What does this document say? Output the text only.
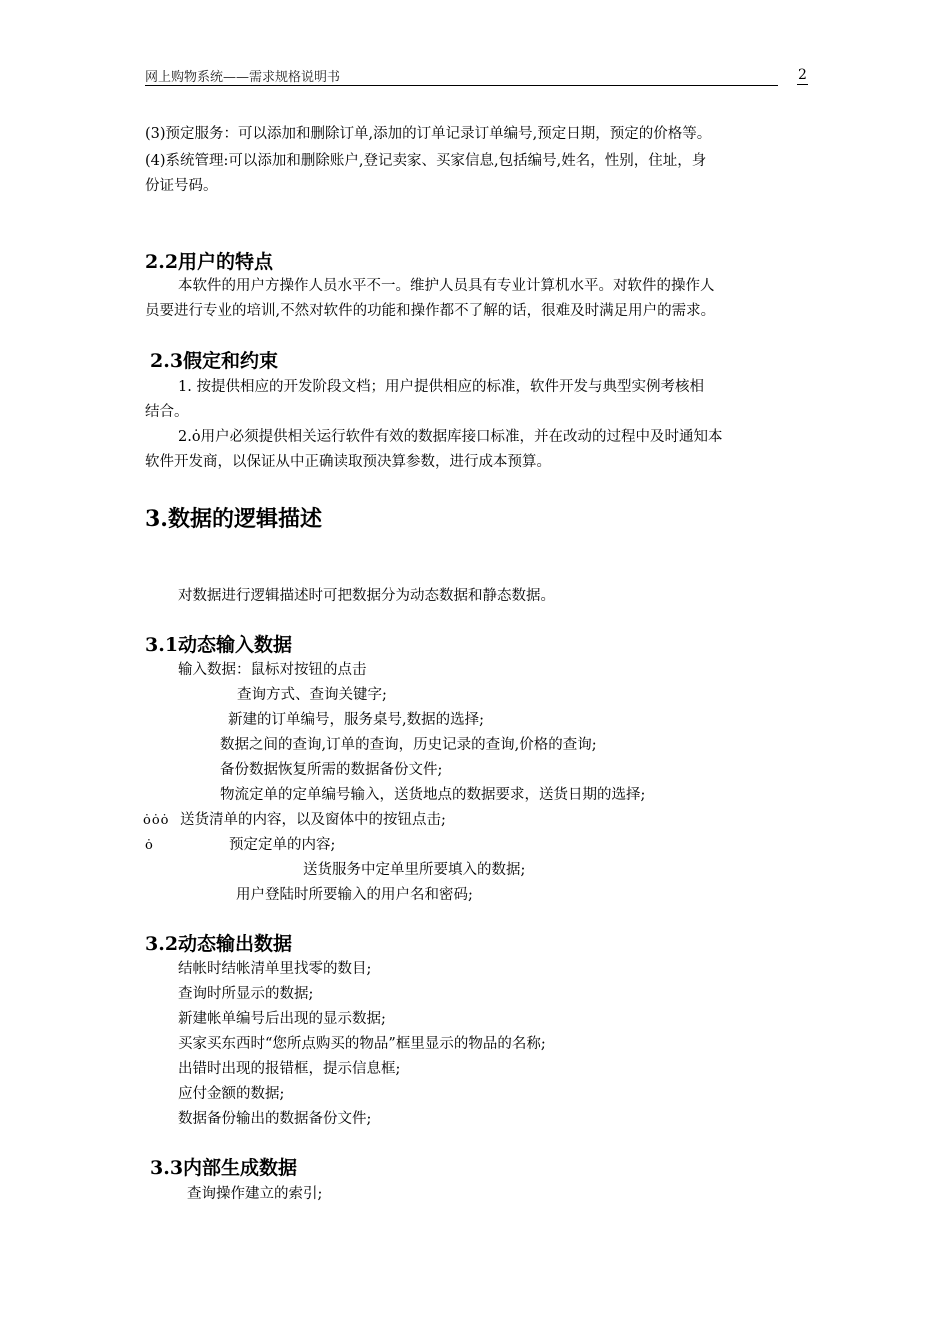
网上购物系统——需求规格说明书	2
(3)预定服务：可以添加和删除订单,添加的订单记录订单编号,预定日期，预定的价格等。
(4)系统管理:可以添加和删除账户,登记卖家、买家信息,包括编号,姓名，性别，住址，身
份证号码。
2.2用户的特点
本软件的用户方操作人员水平不一。维护人员具有专业计算机水平。对软件的操作人
员要进行专业的培训,不然对软件的功能和操作都不了解的话，很难及时满足用户的需求。
2.3假定和约束
1. 按提供相应的开发阶段文档；用户提供相应的标准，软件开发与典型实例考核相
结合。
2.ȯ用户必须提供相关运行软件有效的数据库接口标准，并在改动的过程中及时通知本
软件开发商，以保证从中正确读取预决算参数，进行成本预算。
3.数据的逻辑描述
对数据进行逻辑描述时可把数据分为动态数据和静态数据。
3.1动态输入数据
输入数据：鼠标对按钮的点击
查询方式、查询关键字;
新建的订单编号，服务桌号,数据的选择;
数据之间的查询,订单的查询，历史记录的查询,价格的查询;
备份数据恢复所需的数据备份文件;
物流定单的定单编号输入，送货地点的数据要求，送货日期的选择;
ȯȯȯ 送货清单的内容，以及窗体中的按钮点击;
ȯ	预定定单的内容;
送货服务中定单里所要填入的数据;
用户登陆时所要输入的用户名和密码;
3.2动态输出数据
结帐时结帐清单里找零的数目;
查询时所显示的数据;
新建帐单编号后出现的显示数据;
买家买东西时“您所点购买的物品”框里显示的物品的名称;
出错时出现的报错框，提示信息框;
应付金额的数据;
数据备份输出的数据备份文件;
3.3内部生成数据
查询操作建立的索引;
